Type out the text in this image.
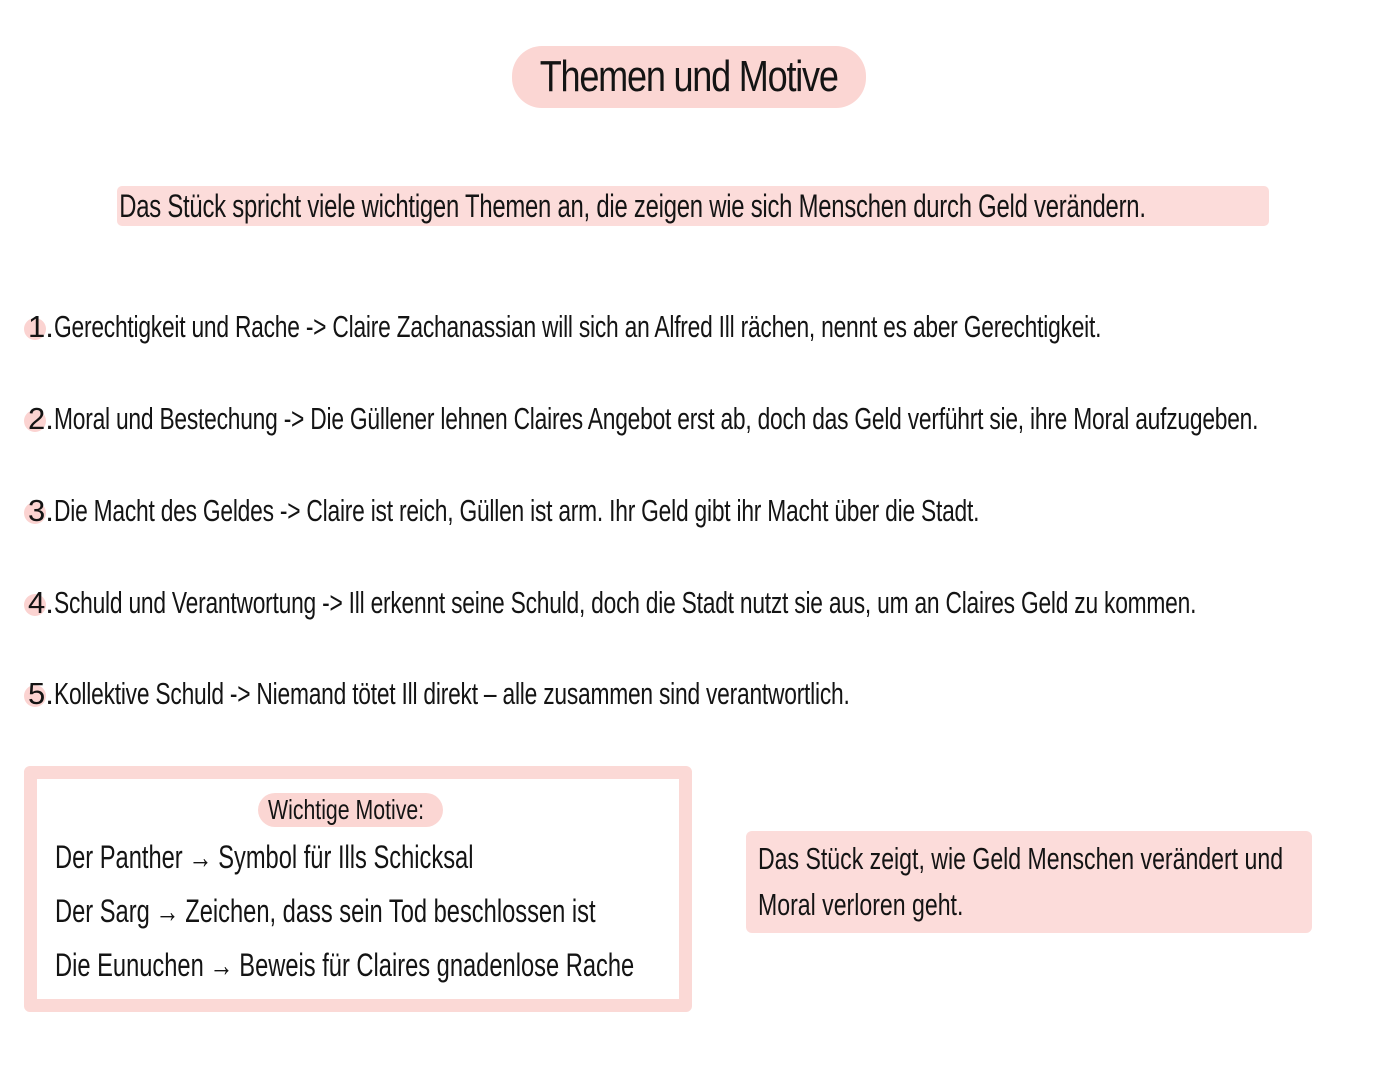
Themen und Motive
Das Stück spricht viele wichtigen Themen an, die zeigen wie sich Menschen durch Geld verändern.
1. Gerechtigkeit und Rache -> Claire Zachanassian will sich an Alfred Ill rächen, nennt es aber Gerechtigkeit.
2. Moral und Bestechung -> Die Güllener lehnen Claires Angebot erst ab, doch das Geld verführt sie, ihre Moral aufzugeben.
3. Die Macht des Geldes -> Claire ist reich, Güllen ist arm. Ihr Geld gibt ihr Macht über die Stadt.
4. Schuld und Verantwortung -> Ill erkennt seine Schuld, doch die Stadt nutzt sie aus, um an Claires Geld zu kommen.
5. Kollektive Schuld -> Niemand tötet Ill direkt – alle zusammen sind verantwortlich.
Wichtige Motive:
Der Panther → Symbol für Ills Schicksal
Der Sarg → Zeichen, dass sein Tod beschlossen ist
Die Eunuchen → Beweis für Claires gnadenlose Rache
Das Stück zeigt, wie Geld Menschen verändert und
Moral verloren geht.
